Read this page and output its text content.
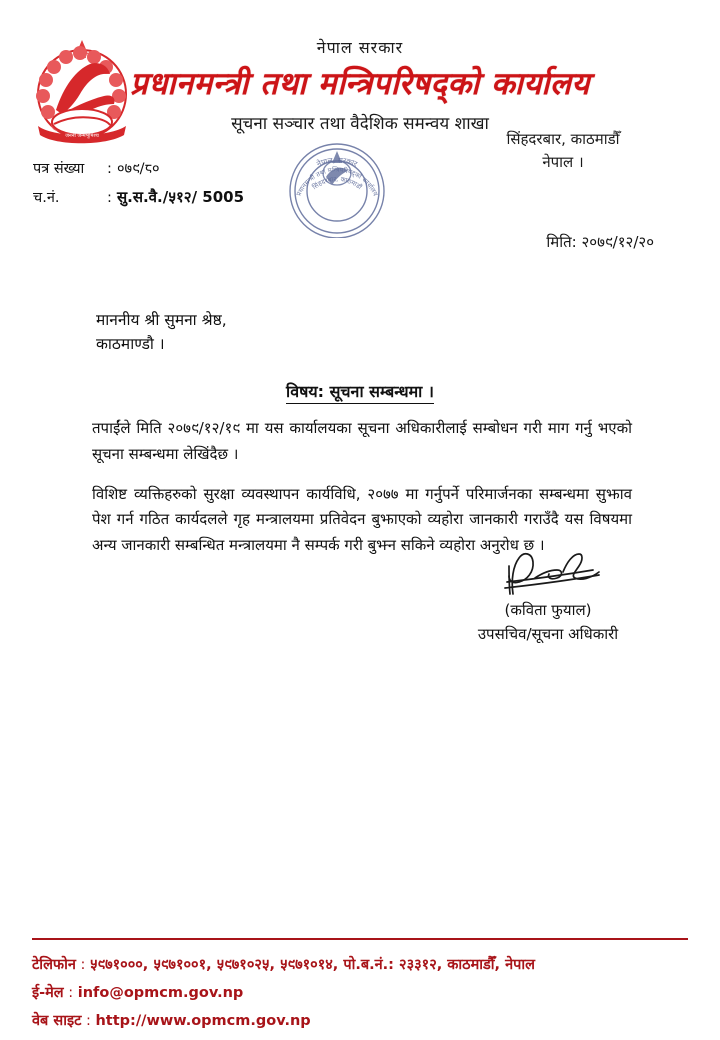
जननी जन्मभूमिश्च
नेपाल सरकार
प्रधानमन्त्री तथा मन्त्रिपरिषद्को कार्यालय
सूचना सञ्चार तथा वैदेशिक समन्वय शाखा
सिंहदरबार, काठमाडौँ
नेपाल ।
पत्र संख्या	: ०७९/८०
च.नं.	: सु.स.वै./५१२/ 5005
नेपाल, सरकार
प्रधानमन्त्री तथा मन्त्रिपरिषद्को कार्यालय
सिंहदरबार, काठमाडौं
मिति: २०७९/१२/२०
माननीय श्री सुमना श्रेष्ठ,
काठमाण्डौ ।
विषय: सूचना सम्बन्धमा ।

तपाईंले मिति २०७९/१२/१९ मा यस कार्यालयका सूचना अधिकारीलाई सम्बोधन गरी माग गर्नु भएको सूचना सम्बन्धमा लेखिंदैछ ।

विशिष्ट व्यक्तिहरुको सुरक्षा व्यवस्थापन कार्यविधि, २०७७ मा गर्नुपर्ने परिमार्जनका सम्बन्धमा सुझाव पेश गर्न गठित कार्यदलले गृह मन्त्रालयमा प्रतिवेदन बुझाएको व्यहोरा जानकारी गराउँदै यस विषयमा अन्य जानकारी सम्बन्धित मन्त्रालयमा नै सम्पर्क गरी बुझ्न सकिने व्यहोरा अनुरोध छ ।

(कविता फुयाल)
उपसचिव/सूचना अधिकारी
टेलिफोन : ५९७१०००, ५९७१००१, ५९७१०२५, ५९७१०१४, पो.ब.नं.: २३३१२, काठमाडौँ, नेपाल
ई-मेल : info@opmcm.gov.np
वेब साइट : http://www.opmcm.gov.np
